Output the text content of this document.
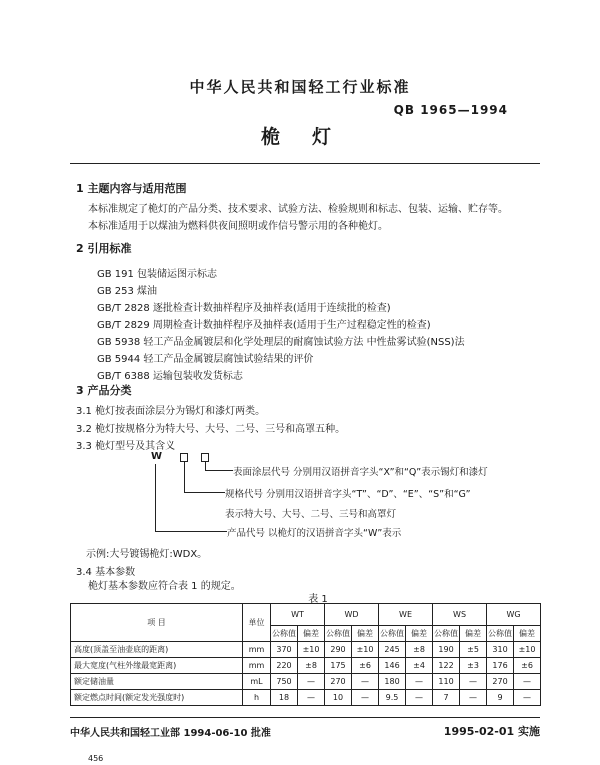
中华人民共和国轻工行业标准
QB 1965—1994
桅灯
1 主题内容与适用范围
本标准规定了桅灯的产品分类、技术要求、试验方法、检验规则和标志、包装、运输、贮存等。
本标准适用于以煤油为燃料供夜间照明或作信号警示用的各种桅灯。
2 引用标准
GB 191 包装储运图示标志
GB 253 煤油
GB/T 2828 逐批检查计数抽样程序及抽样表(适用于连续批的检查)
GB/T 2829 周期检查计数抽样程序及抽样表(适用于生产过程稳定性的检查)
GB 5938 轻工产品金属镀层和化学处理层的耐腐蚀试验方法 中性盐雾试验(NSS)法
GB 5944 轻工产品金属镀层腐蚀试验结果的评价
GB/T 6388 运输包装收发货标志
3 产品分类
3.1 桅灯按表面涂层分为锡灯和漆灯两类。
3.2 桅灯按规格分为特大号、大号、二号、三号和高罩五种。
3.3 桅灯型号及其含义
W
表面涂层代号 分别用汉语拼音字头“X”和“Q”表示锡灯和漆灯
规格代号 分别用汉语拼音字头“T”、“D”、“E”、“S”和“G”
表示特大号、大号、二号、三号和高罩灯
产品代号 以桅灯的汉语拼音字头“W”表示
示例:大号镀锡桅灯:WDX。
3.4 基本参数
桅灯基本参数应符合表 1 的规定。
表 1
项 目	单位	WT		WD		WE		WS		WG	
		公称值	偏差	公称值	偏差	公称值	偏差	公称值	偏差	公称值	偏差
高度(顶盖至油壶底的距离)	mm	370	±10	290	±10	245	±8	190	±5	310	±10
最大宽度(气柱外缘最宽距离)	mm	220	±8	175	±6	146	±4	122	±3	176	±6
额定储油量	mL	750	—	270	—	180	—	110	—	270	—
额定燃点时间(额定发光强度时)	h	18	—	10	—	9.5	—	7	—	9	—
中华人民共和国轻工业部 1994-06-10 批准	1995-02-01 实施
456
